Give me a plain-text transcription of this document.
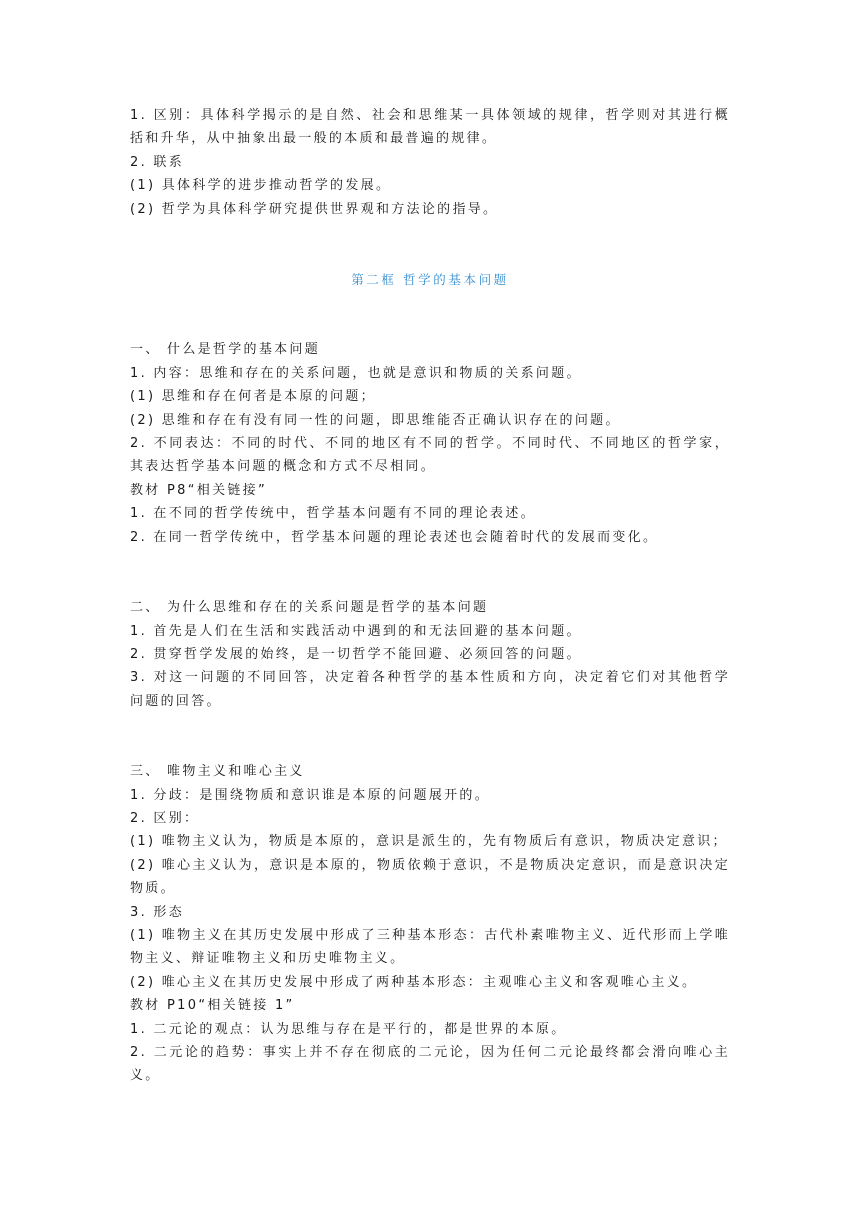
1. 区别：具体科学揭示的是自然、社会和思维某一具体领域的规律，哲学则对其进行概括和升华，从中抽象出最一般的本质和最普遍的规律。
2. 联系
(1) 具体科学的进步推动哲学的发展。
(2) 哲学为具体科学研究提供世界观和方法论的指导。
第二框 哲学的基本问题
一、 什么是哲学的基本问题
1. 内容：思维和存在的关系问题，也就是意识和物质的关系问题。
(1) 思维和存在何者是本原的问题；
(2) 思维和存在有没有同一性的问题，即思维能否正确认识存在的问题。
2. 不同表达：不同的时代、不同的地区有不同的哲学。不同时代、不同地区的哲学家，其表达哲学基本问题的概念和方式不尽相同。
教材 P8“相关链接”
1. 在不同的哲学传统中，哲学基本问题有不同的理论表述。
2. 在同一哲学传统中，哲学基本问题的理论表述也会随着时代的发展而变化。
二、 为什么思维和存在的关系问题是哲学的基本问题
1. 首先是人们在生活和实践活动中遇到的和无法回避的基本问题。
2. 贯穿哲学发展的始终，是一切哲学不能回避、必须回答的问题。
3. 对这一问题的不同回答，决定着各种哲学的基本性质和方向，决定着它们对其他哲学问题的回答。
三、 唯物主义和唯心主义
1. 分歧：是围绕物质和意识谁是本原的问题展开的。
2. 区别：
(1) 唯物主义认为，物质是本原的，意识是派生的，先有物质后有意识，物质决定意识；
(2) 唯心主义认为，意识是本原的，物质依赖于意识，不是物质决定意识，而是意识决定物质。
3. 形态
(1) 唯物主义在其历史发展中形成了三种基本形态：古代朴素唯物主义、近代形而上学唯物主义、辩证唯物主义和历史唯物主义。
(2) 唯心主义在其历史发展中形成了两种基本形态：主观唯心主义和客观唯心主义。
教材 P10“相关链接 1”
1. 二元论的观点：认为思维与存在是平行的，都是世界的本原。
2. 二元论的趋势：事实上并不存在彻底的二元论，因为任何二元论最终都会滑向唯心主义。
